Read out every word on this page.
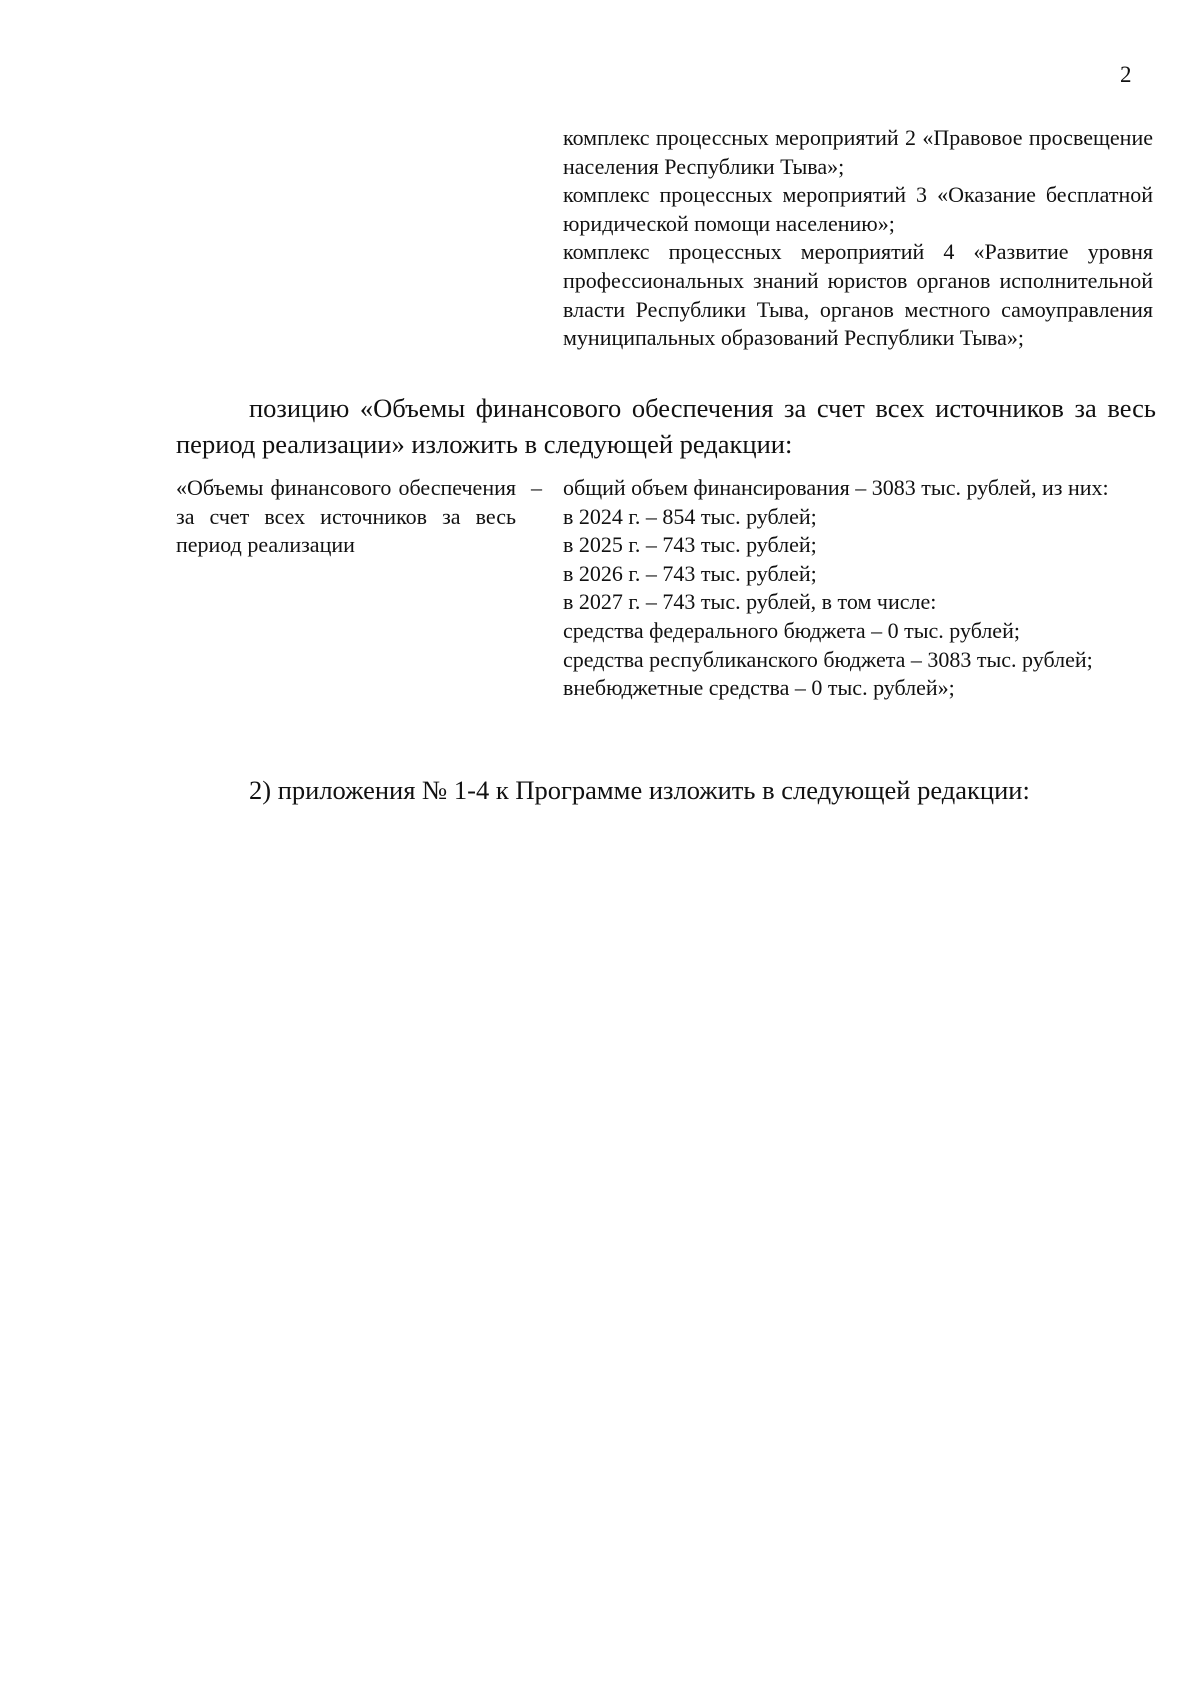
2

комплекс процессных мероприятий 2 «Правовое просвещение населения Республики Тыва»;

комплекс процессных мероприятий 3 «Оказание бесплатной юридической помощи населению»;

комплекс процессных мероприятий 4 «Развитие уровня профессиональных знаний юристов органов исполнительной власти Республики Тыва, органов местного самоуправления муниципальных образований Республики Тыва»;

позицию «Объемы финансового обеспечения за счет всех источников за весь период реализации» изложить в следующей редакции:

«Объемы финансового обеспечения за счет всех источников за весь период реализации
– общий объем финансирования – 3083 тыс. рублей, из них:
в 2024 г. – 854 тыс. рублей;
в 2025 г. – 743 тыс. рублей;
в 2026 г. – 743 тыс. рублей;
в 2027 г. – 743 тыс. рублей, в том числе:
средства федерального бюджета – 0 тыс. рублей;
средства республиканского бюджета – 3083 тыс. рублей;
внебюджетные средства – 0 тыс. рублей»;

2) приложения № 1-4 к Программе изложить в следующей редакции:
